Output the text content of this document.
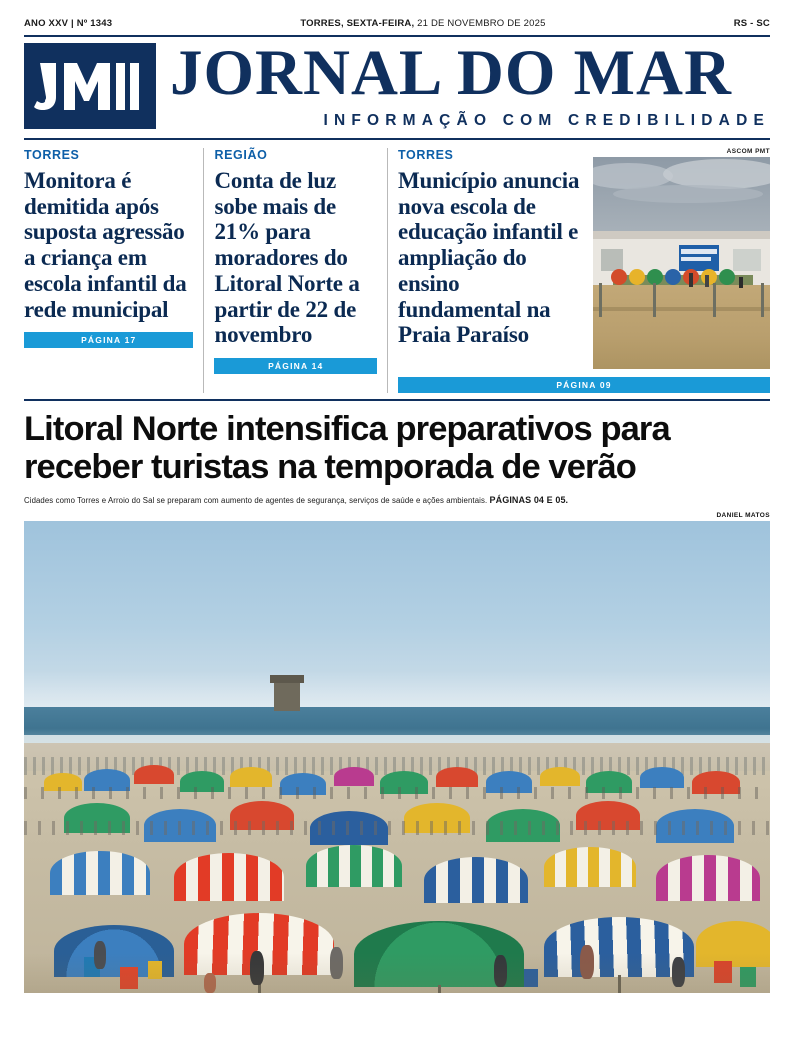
ANO XXV | Nº 1343	TORRES, SEXTA-FEIRA, 21 DE NOVEMBRO DE 2025	RS - SC
JORNAL DO MAR
INFORMAÇÃO COM CREDIBILIDADE
TORRES
Monitora é demitida após suposta agressão a criança em escola infantil da rede municipal
PÁGINA 17
REGIÃO
Conta de luz sobe mais de 21% para moradores do Litoral Norte a partir de 22 de novembro
PÁGINA 14
TORRES
Município anuncia nova escola de educação infantil e ampliação do ensino fundamental na Praia Paraíso
ASCOM PMT
PÁGINA 09
Litoral Norte intensifica preparativos para receber turistas na temporada de verão
Cidades como Torres e Arroio do Sal se preparam com aumento de agentes de segurança, serviços de saúde e ações ambientais. PÁGINAS 04 E 05.
DANIEL MATOS
